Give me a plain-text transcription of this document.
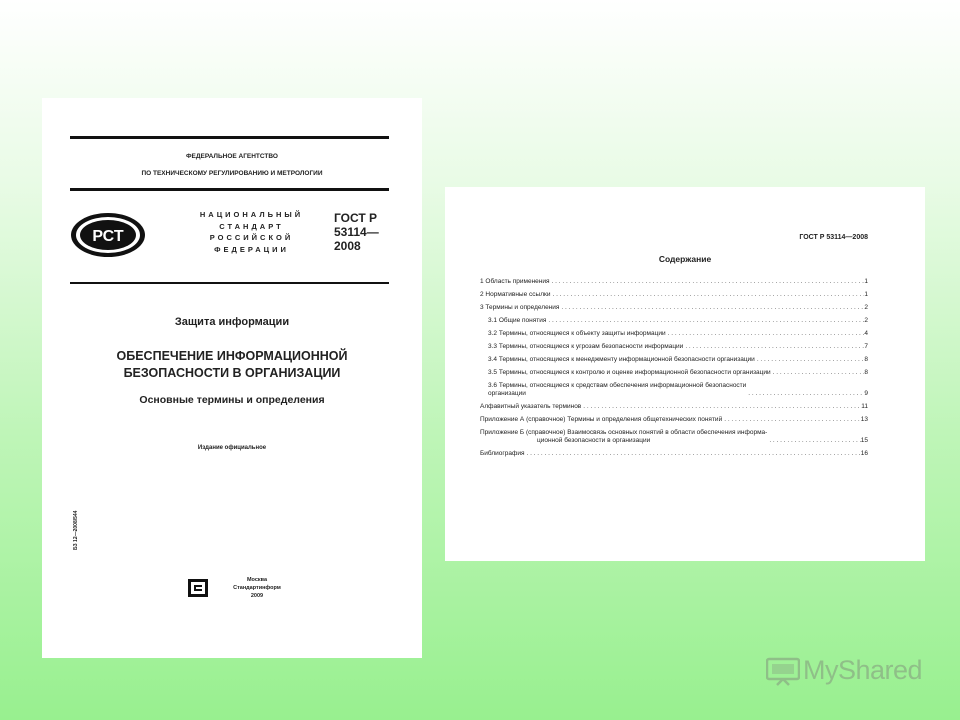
ФЕДЕРАЛЬНОЕ АГЕНТСТВО
ПО ТЕХНИЧЕСКОМУ РЕГУЛИРОВАНИЮ И МЕТРОЛОГИИ
РСТ
НАЦИОНАЛЬНЫЙ
СТАНДАРТ
РОССИЙСКОЙ
ФЕДЕРАЦИИ
ГОСТ Р
53114—
2008
Защита информации
ОБЕСПЕЧЕНИЕ ИНФОРМАЦИОННОЙ
БЕЗОПАСНОСТИ В ОРГАНИЗАЦИИ
Основные термины и определения
Издание официальное
БЗ 12—2008/544
Москва
Стандартинформ
2009
ГОСТ Р 53114—2008
Содержание
1 Область применения . . .	1
2 Нормативные ссылки . . .	1
3 Термины и определения . . .	2
3.1 Общие понятия . . .	2
3.2 Термины, относящиеся к объекту защиты информации . . .	4
3.3 Термины, относящиеся к угрозам безопасности информации . . .	7
3.4 Термины, относящиеся к менеджменту информационной безопасности организации . . .	8
3.5 Термины, относящиеся к контролю и оценке информационной безопасности организации . . .	8
3.6 Термины, относящиеся к средствам обеспечения информационной безопасности
организации . . .	9
Алфавитный указатель терминов . . .	11
Приложение А (справочное) Термины и определения общетехнических понятий . . .	13
Приложение Б (справочное) Взаимосвязь основных понятий в области обеспечения информа-
ционной безопасности в организации . . .	15
Библиография . . .	16
MyShared
